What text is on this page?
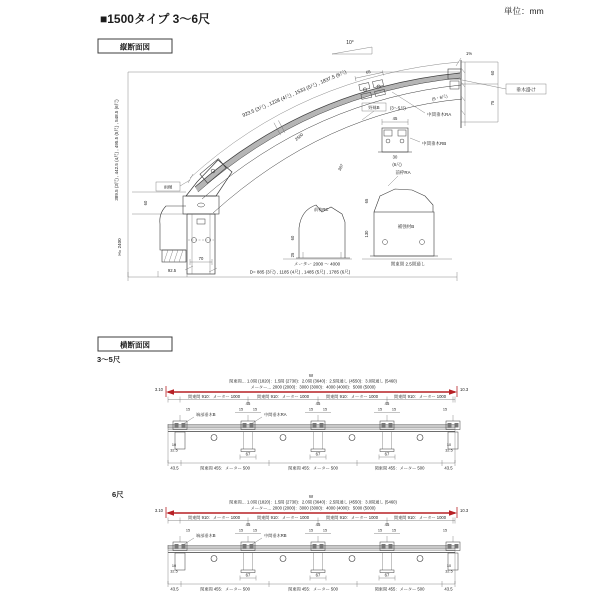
■1500タイプ 3〜6尺
単位：mm
縦断面図
389.5 (3尺) , 442.5 (4尺) , 495.5 (5尺) , 548.5 (6尺)
60
H= 2400
10°
1%
923.5 (3尺) , 1228 (4尺) , 1533 (5尺) , 1837.5 (6尺)
2500
367
65
野縁B (3〜5尺)
中間垂木RA
45
30
中間垂木RB
(6尺)
60
75
垂木掛け
(5・6尺)
雨樋
70
92.5
前枠RA
前枠RC
60
25
メーター 2000 〜 4000
補強材B
65
130
関東間 2.5間通し
D= 885 (3尺) , 1185 (4尺) , 1485 (5尺) , 1785 (6尺)
横断面図
3〜5尺
6尺
W
関東間… 1.0間 (1820)：1.5間 (2730)：2.0間 (3640)：2.5間通し (4550)：3.0間通し (5460)
メーター… 2000 (2000)：3000 (3000)：4000 (4000)：5000 (5000)
3.10	10.3
関東間 910：メーター 1000	関東間 910：メーター 1000	関東間 910：メーター 1000	関東間 910：メーター 1000
45	45	45
15	15	15	15	15	15
15	15
端部垂木B	中間垂木RA
67	67	67
10
32.5
10
32.5
43.5	関東間 455：メーター 500	関東間 455：メーター 500	関東間 455：メーター 500	43.5
W
関東間… 1.0間 (1820)：1.5間 (2730)：2.0間 (3640)：2.5間通し (4550)：3.0間通し (5460)
メーター… 2000 (2000)：3000 (3000)：4000 (4000)：5000 (5000)
3.10	10.3
関東間 910：メーター 1000	関東間 910：メーター 1000	関東間 910：メーター 1000	関東間 910：メーター 1000
45	45	45
15	15	15	15	15	15
15	15
端部垂木B	中間垂木RB
67	67	67
10
32.5
10
32.5
43.5	関東間 455：メーター 500	関東間 455：メーター 500	関東間 455：メーター 500	43.5
